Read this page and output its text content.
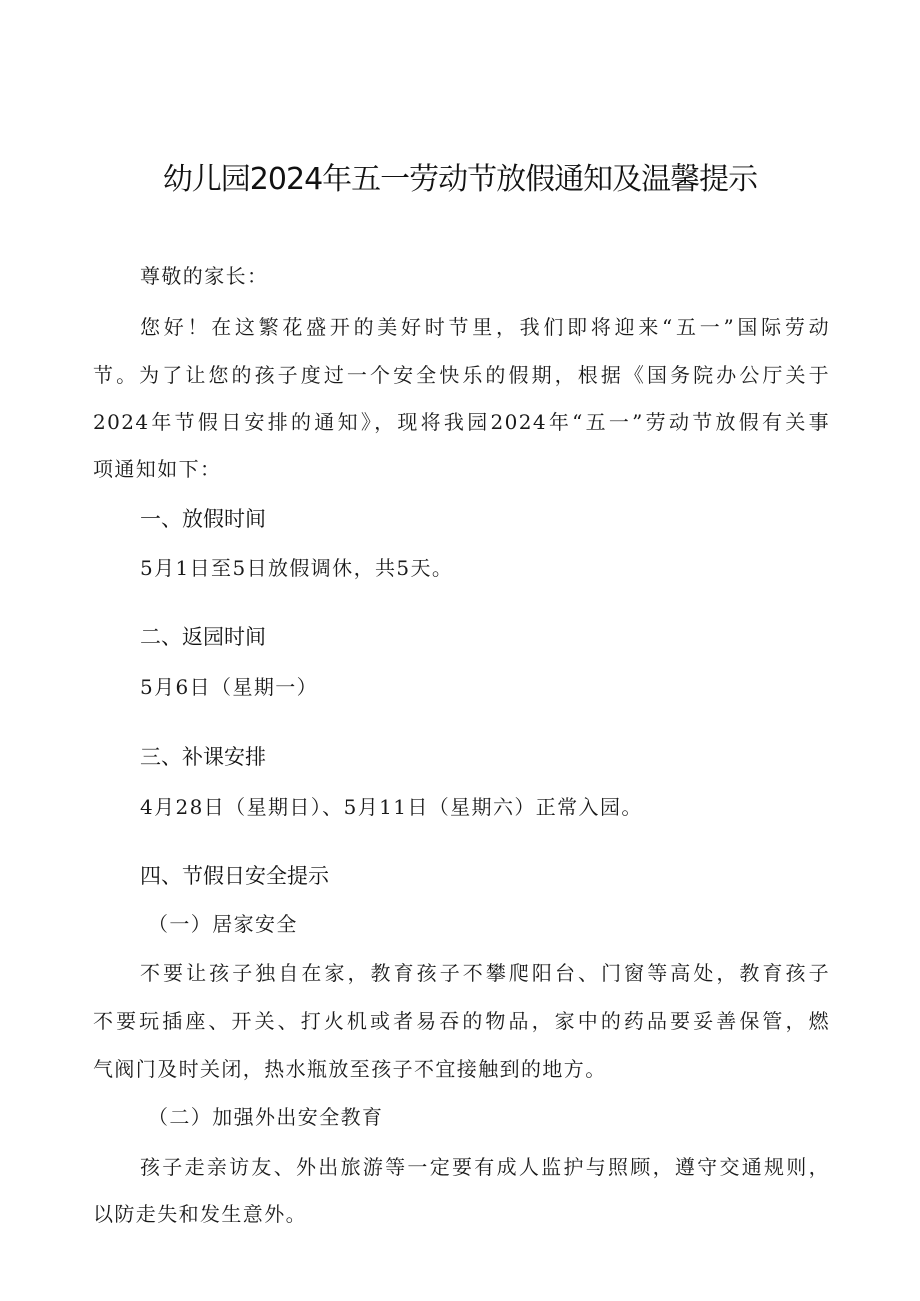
幼儿园2024年五一劳动节放假通知及温馨提示
尊敬的家长：
您好！在这繁花盛开的美好时节里，我们即将迎来“五一”国际劳动
节。为了让您的孩子度过一个安全快乐的假期，根据《国务院办公厅关于
2024年节假日安排的通知》，现将我园2024年“五一”劳动节放假有关事
项通知如下：
一、放假时间
5月1日至5日放假调休，共5天。
二、返园时间
5月6日（星期一）
三、补课安排
4月28日（星期日）、5月11日（星期六）正常入园。
四、节假日安全提示
（一）居家安全
不要让孩子独自在家，教育孩子不攀爬阳台、门窗等高处，教育孩子
不要玩插座、开关、打火机或者易吞的物品，家中的药品要妥善保管，燃
气阀门及时关闭，热水瓶放至孩子不宜接触到的地方。
（二）加强外出安全教育
孩子走亲访友、外出旅游等一定要有成人监护与照顾，遵守交通规则，
以防走失和发生意外。
